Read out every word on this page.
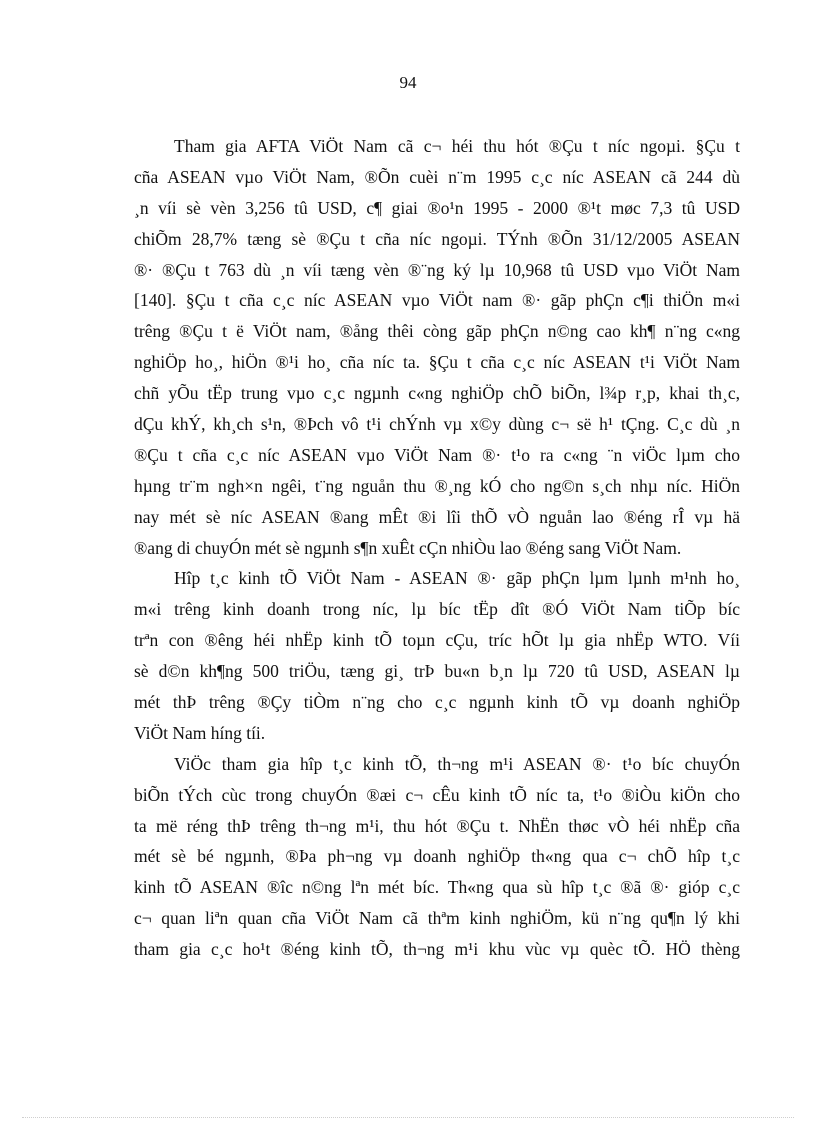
94
Tham gia AFTA ViÖt Nam cã c¬ héi thu hót ®Çu t níc ngoµi. §Çu t
cña ASEAN vµo ViÖt Nam, ®Õn cuèi n¨m 1995 c¸c níc ASEAN cã 244 dù
¸n víi sè vèn 3,256 tû USD, c¶ giai ®o¹n 1995 - 2000 ®¹t møc 7,3 tû USD
chiÕm 28,7% tæng sè ®Çu t cña níc ngoµi. TÝnh ®Õn 31/12/2005 ASEAN
®· ®Çu t 763 dù ¸n víi tæng vèn ®¨ng ký lµ 10,968 tû USD vµo ViÖt Nam
[140]. §Çu t cña c¸c níc ASEAN vµo ViÖt nam ®· gãp phÇn c¶i thiÖn m«i
trêng ®Çu t ë ViÖt nam, ®ång thêi còng gãp phÇn n©ng cao kh¶ n¨ng c«ng
nghiÖp ho¸, hiÖn ®¹i ho¸ cña níc ta. §Çu t cña c¸c níc ASEAN t¹i ViÖt Nam
chñ yÕu tËp trung vµo c¸c ngµnh c«ng nghiÖp chÕ biÕn, l¾p r¸p, khai th¸c,
dÇu khÝ, kh¸ch s¹n, ®Þch vô t¹i chÝnh vµ x©y dùng c¬ së h¹ tÇng. C¸c dù ¸n
®Çu t cña c¸c níc ASEAN vµo ViÖt Nam ®· t¹o ra c«ng ¨n viÖc lµm cho
hµng tr¨m ngh×n ngêi, t¨ng nguån thu ®¸ng kÓ cho ng©n s¸ch nhµ níc. HiÖn
nay mét sè níc ASEAN ®ang mÊt ®i lîi thÕ vÒ nguån lao ®éng rÎ vµ hä
®ang di chuyÓn mét sè ngµnh s¶n xuÊt cÇn nhiÒu lao ®éng sang ViÖt Nam.
Hîp t¸c kinh tÕ ViÖt Nam - ASEAN ®· gãp phÇn lµm lµnh m¹nh ho¸
m«i trêng kinh doanh trong níc, lµ bíc tËp dît ®Ó ViÖt Nam tiÕp bíc
trªn con ®êng héi nhËp kinh tÕ toµn cÇu, tríc hÕt lµ gia nhËp WTO. Víi
sè d©n kh¶ng 500 triÖu, tæng gi¸ trÞ bu«n b¸n lµ 720 tû USD, ASEAN lµ
mét thÞ trêng ®Çy tiÒm n¨ng cho c¸c ngµnh kinh tÕ vµ doanh nghiÖp
ViÖt Nam híng tíi.
ViÖc tham gia hîp t¸c kinh tÕ, th¬ng m¹i ASEAN ®· t¹o bíc chuyÓn
biÕn tÝch cùc trong chuyÓn ®æi c¬ cÊu kinh tÕ níc ta, t¹o ®iÒu kiÖn cho
ta më réng thÞ trêng th¬ng m¹i, thu hót ®Çu t. NhËn thøc vÒ héi nhËp cña
mét sè bé ngµnh, ®Þa ph¬ng vµ doanh nghiÖp th«ng qua c¬ chÕ hîp t¸c
kinh tÕ ASEAN ®îc n©ng lªn mét bíc. Th«ng qua sù hîp t¸c ®ã ®· gióp c¸c
c¬ quan liªn quan cña ViÖt Nam cã thªm kinh nghiÖm, kü n¨ng qu¶n lý khi
tham gia c¸c ho¹t ®éng kinh tÕ, th¬ng m¹i khu vùc vµ quèc tÕ. HÖ thèng
